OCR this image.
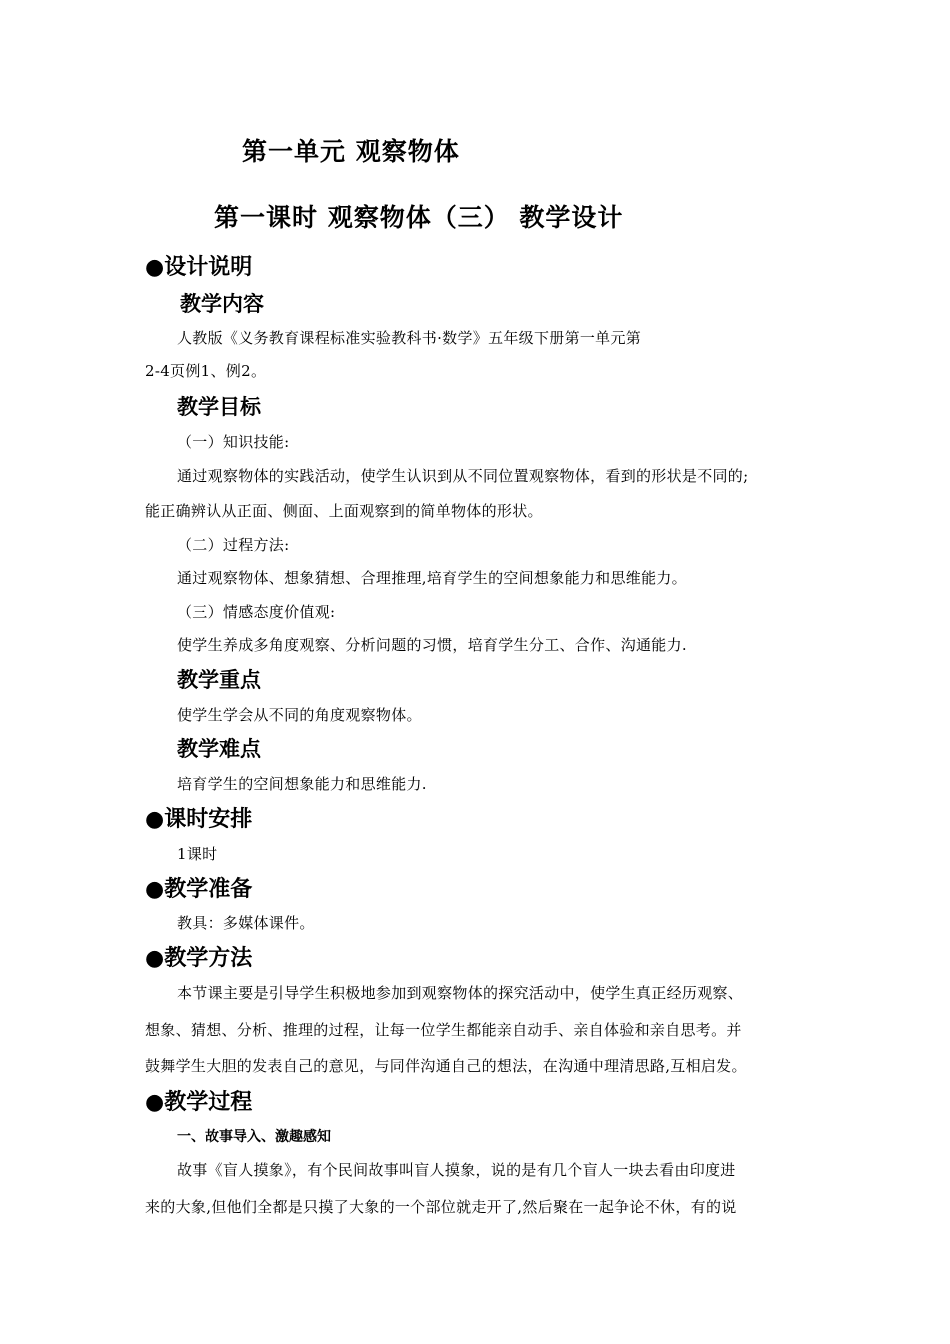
第一单元 观察物体
第一课时 观察物体（三） 教学设计
●设计说明
教学内容
人教版《义务教育课程标准实验教科书·数学》五年级下册第一单元第
2-4页例1、例2。
教学目标
（一）知识技能:
通过观察物体的实践活动，使学生认识到从不同位置观察物体，看到的形状是不同的;
能正确辨认从正面、侧面、上面观察到的简单物体的形状。
（二）过程方法:
通过观察物体、想象猜想、合理推理,培育学生的空间想象能力和思维能力。
（三）情感态度价值观:
使学生养成多角度观察、分析问题的习惯，培育学生分工、合作、沟通能力.
教学重点
使学生学会从不同的角度观察物体。
教学难点
培育学生的空间想象能力和思维能力.
●课时安排
1课时
●教学准备
教具：多媒体课件。
●教学方法
本节课主要是引导学生积极地参加到观察物体的探究活动中，使学生真正经历观察、
想象、猜想、分析、推理的过程，让每一位学生都能亲自动手、亲自体验和亲自思考。并
鼓舞学生大胆的发表自己的意见，与同伴沟通自己的想法，在沟通中理清思路,互相启发。
●教学过程
一、故事导入、激趣感知
故事《盲人摸象》，有个民间故事叫盲人摸象，说的是有几个盲人一块去看由印度进
来的大象,但他们全都是只摸了大象的一个部位就走开了,然后聚在一起争论不休，有的说
